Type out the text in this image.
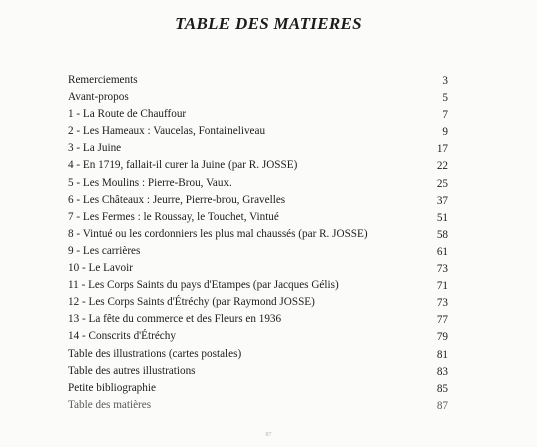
TABLE DES MATIERES
Remerciements	3
Avant-propos	5
1 - La Route de Chauffour	7
2 - Les Hameaux : Vaucelas, Fontaineliveau	9
3 - La Juine	17
4 - En 1719, fallait-il curer la Juine (par R. JOSSE)	22
5 - Les Moulins : Pierre-Brou, Vaux.	25
6 - Les Châteaux : Jeurre, Pierre-brou, Gravelles	37
7 - Les Fermes : le Roussay, le Touchet, Vintué	51
8 - Vintué ou les cordonniers les plus mal chaussés (par R. JOSSE)	58
9 - Les carrières	61
10 - Le Lavoir	73
11 - Les Corps Saints du pays d'Etampes (par Jacques Gélis)	71
12 - Les Corps Saints d'Étréchy (par Raymond JOSSE)	73
13 - La fête du commerce et des Fleurs en 1936	77
14 - Conscrits d'Étréchy	79
Table des illustrations (cartes postales)	81
Table des autres illustrations	83
Petite bibliographie	85
Table des matières	87
87
